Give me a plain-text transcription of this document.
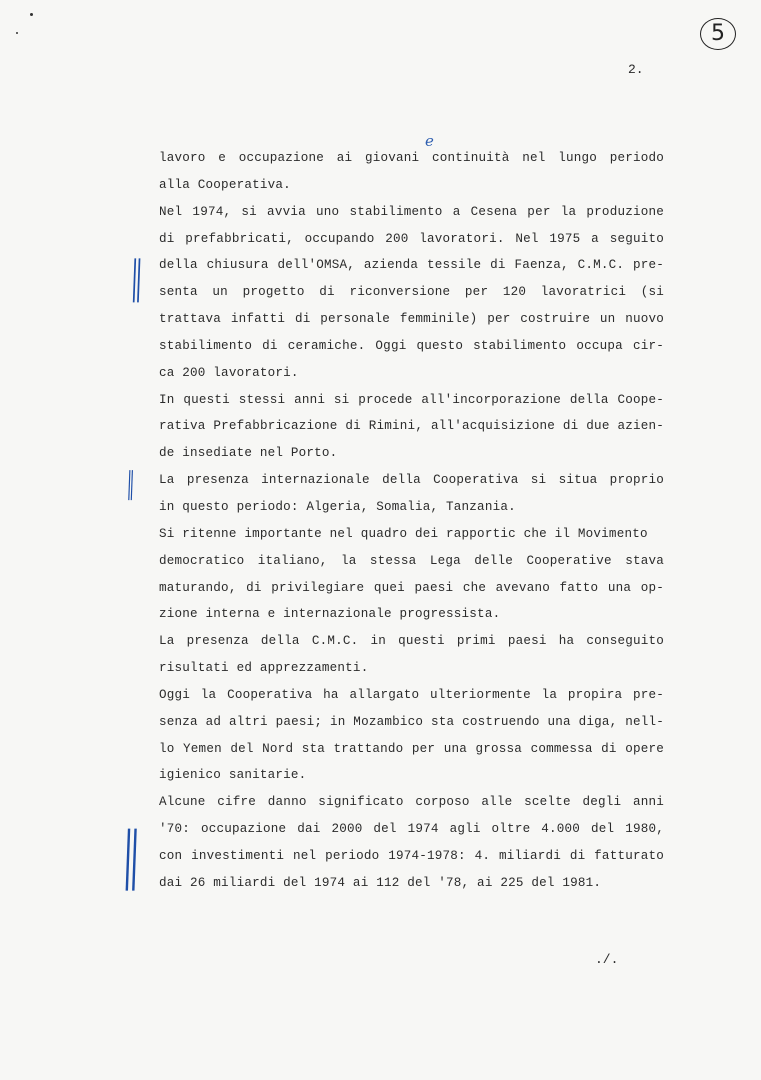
5
2.
||
||
||
e
lavoro e occupazione ai giovani continuità nel lungo periodo
alla Cooperativa.
Nel 1974, si avvia uno stabilimento a Cesena per la produzione
di prefabbricati, occupando 200 lavoratori. Nel 1975 a seguito
della chiusura dell'OMSA, azienda tessile di Faenza, C.M.C. pre-
senta un progetto di riconversione per 120 lavoratrici (si
trattava infatti di personale femminile) per costruire un nuovo
stabilimento di ceramiche. Oggi questo stabilimento occupa cir-
ca 200 lavoratori.
In questi stessi anni si procede all'incorporazione della Coope-
rativa Prefabbricazione di Rimini, all'acquisizione di due azien-
de insediate nel Porto.
La presenza internazionale della Cooperativa si situa proprio
in questo periodo: Algeria, Somalia, Tanzania.
Si ritenne importante nel quadro dei rapportic che il Movimento
democratico italiano, la stessa Lega delle Cooperative stava
maturando, di privilegiare quei paesi che avevano fatto una op-
zione interna e internazionale progressista.
La presenza della C.M.C. in questi primi paesi ha conseguito
risultati ed apprezzamenti.
Oggi la Cooperativa ha allargato ulteriormente la propira pre-
senza ad altri paesi; in Mozambico sta costruendo una diga, nell-
lo Yemen del Nord sta trattando per una grossa commessa di opere
igienico sanitarie.
Alcune cifre danno significato corposo alle scelte degli anni
'70: occupazione dai 2000 del 1974 agli oltre 4.000 del 1980,
con investimenti nel periodo 1974-1978: 4. miliardi di fatturato
dai 26 miliardi del 1974 ai 112 del '78, ai 225 del 1981.
./.
